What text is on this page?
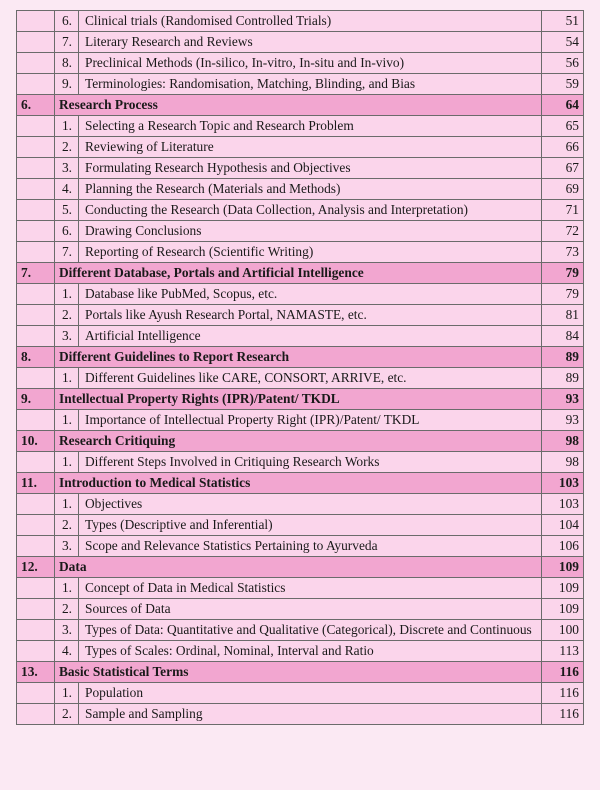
	6.	Clinical trials (Randomised Controlled Trials)	51
	7.	Literary Research and Reviews	54
	8.	Preclinical Methods (In-silico, In-vitro, In-situ and In-vivo)	56
	9.	Terminologies: Randomisation, Matching, Blinding, and Bias	59
6.	Research Process		64
	1.	Selecting a Research Topic and Research Problem	65
	2.	Reviewing of Literature	66
	3.	Formulating Research Hypothesis and Objectives	67
	4.	Planning the Research (Materials and Methods)	69
	5.	Conducting the Research (Data Collection, Analysis and Interpretation)	71
	6.	Drawing Conclusions	72
	7.	Reporting of Research (Scientific Writing)	73
7.	Different Database, Portals and Artificial Intelligence		79
	1.	Database like PubMed, Scopus, etc.	79
	2.	Portals like Ayush Research Portal, NAMASTE, etc.	81
	3.	Artificial Intelligence	84
8.	Different Guidelines to Report Research		89
	1.	Different Guidelines like CARE, CONSORT, ARRIVE, etc.	89
9.	Intellectual Property Rights (IPR)/Patent/ TKDL		93
	1.	Importance of Intellectual Property Right (IPR)/Patent/ TKDL	93
10.	Research Critiquing		98
	1.	Different Steps Involved in Critiquing Research Works	98
11.	Introduction to Medical Statistics		103
	1.	Objectives	103
	2.	Types (Descriptive and Inferential)	104
	3.	Scope and Relevance Statistics Pertaining to Ayurveda	106
12.	Data		109
	1.	Concept of Data in Medical Statistics	109
	2.	Sources of Data	109
	3.	Types of Data: Quantitative and Qualitative (Categorical), Discrete and Continuous	100
	4.	Types of Scales: Ordinal, Nominal, Interval and Ratio	113
13.	Basic Statistical Terms		116
	1.	Population	116
	2.	Sample and Sampling	116
